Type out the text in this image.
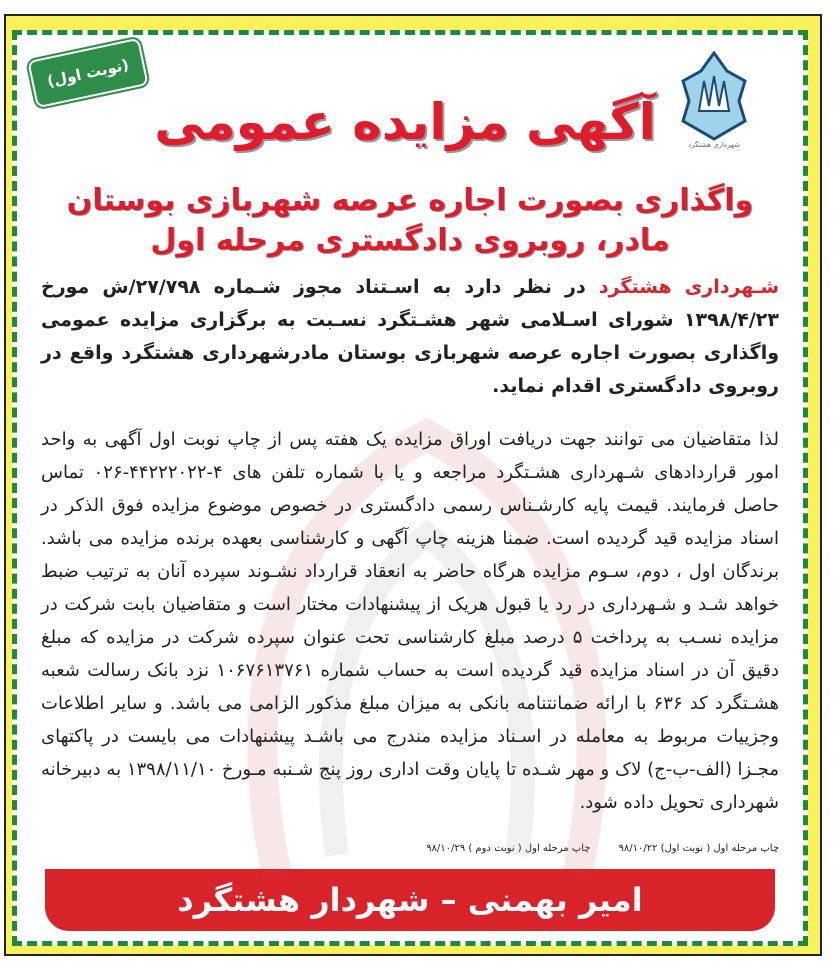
(نوبت اول)
شهرداری هشتگرد
آگهی مزایده عمومی
واگذاری بصورت اجاره عرصه شهربازی بوستان مادر، روبروی دادگستری مرحله اول
شـهرداری هشتگرد در نظر دارد به اسـتناد مجوز شـماره ۲۷/۷۹۸/ش مورخ ۱۳۹۸/۴/۲۳ شورای اسـلامی شهر هشـتگرد نسـبت به برگزاری مزایده عمومی واگذاری بصورت اجاره عرصه شهربازی بوستان مادرشهرداری هشتگرد واقع در روبروی دادگستری اقدام نماید.
لذا متقاضیان می توانند جهت دریافت اوراق مزایده یک هفته پس از چاپ نوبت اول آگهی به واحد امور قراردادهای شـهرداری هشـتگرد مراجعه و یا با شماره تلفن های ۴-۴۴۲۲۲۰۲۲-۰۲۶ تماس حاصل فرمایند. قیمت پایه کارشـناس رسمی دادگستری در خصوص موضوع مزایده فوق الذکر در اسناد مزایده قید گردیده است. ضمنا هزینه چاپ آگهی و کارشناسی بعهده برنده مزایده می باشد. برندگان اول ، دوم، سـوم مزایده هرگاه حاضر به انعقاد قرارداد نشـوند سپرده آنان به ترتیب ضبط خواهد شـد و شـهرداری در رد یا قبول هریک از پیشنهادات مختار است و متقاضیان بابت شرکت در مزایده نسـب به پرداخت ۵ درصد مبلغ کارشناسی تحت عنوان سپرده شرکت در مزایده که مبلغ دقیق آن در اسناد مزایده قید گردیده است به حساب شماره ۱۰۶۷۶۱۳۷۶۱ نزد بانک رسالت شعبه هشـتگرد کد ۶۳۶ با ارائه ضمانتنامه بانکی به میزان مبلغ مذکور الزامی می باشد. و سایر اطلاعات وجزییات مربوط به معامله در اسـناد مزایده مندرج می باشـد پیشنهادات می بایست در پاکتهای مجـزا (الف-ب-ج) لاک و مهر شـده تا پایان وقت اداری روز پنج شـنبه مـورخ ۱۳۹۸/۱۱/۱۰ به دبیرخانه شهرداری تحویل داده شود.
چاپ مرحله اول ( نوبت اول) ۹۸/۱۰/۲۲
چاپ مرحله اول ( نوبت دوم ) ۹۸/۱۰/۲۹
امیر بهمنی – شهردار هشتگرد
